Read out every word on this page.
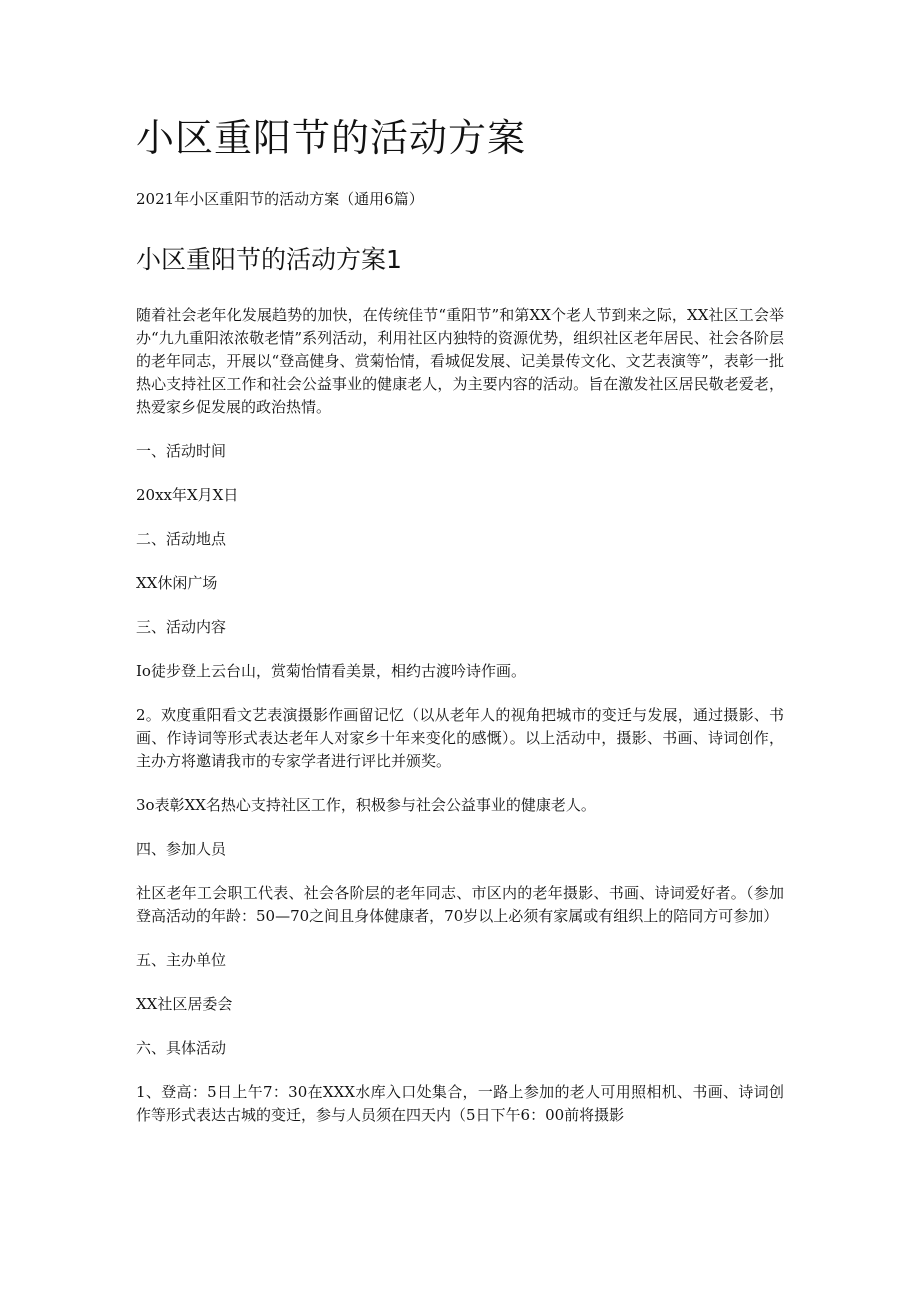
小区重阳节的活动方案

2021年小区重阳节的活动方案（通用6篇）

小区重阳节的活动方案1

随着社会老年化发展趋势的加快，在传统佳节“重阳节”和第XX个老人节到来之际，XX社区工会举办“九九重阳浓浓敬老情”系列活动，利用社区内独特的资源优势，组织社区老年居民、社会各阶层的老年同志，开展以“登高健身、赏菊怡情，看城促发展、记美景传文化、文艺表演等”，表彰一批热心支持社区工作和社会公益事业的健康老人，为主要内容的活动。旨在激发社区居民敬老爱老，热爱家乡促发展的政治热情。

一、活动时间

20xx年X月X日

二、活动地点

XX休闲广场

三、活动内容

Io徒步登上云台山，赏菊怡情看美景，相约古渡吟诗作画。

2。欢度重阳看文艺表演摄影作画留记忆（以从老年人的视角把城市的变迁与发展，通过摄影、书画、作诗词等形式表达老年人对家乡十年来变化的感慨）。以上活动中，摄影、书画、诗词创作，主办方将邀请我市的专家学者进行评比并颁奖。

3o表彰XX名热心支持社区工作，积极参与社会公益事业的健康老人。

四、参加人员

社区老年工会职工代表、社会各阶层的老年同志、市区内的老年摄影、书画、诗词爱好者。（参加登高活动的年龄：50—70之间且身体健康者，70岁以上必须有家属或有组织上的陪同方可参加）

五、主办单位

XX社区居委会

六、具体活动

1、登高：5日上午7：30在XXX水库入口处集合，一路上参加的老人可用照相机、书画、诗词创作等形式表达古城的变迁，参与人员须在四天内（5日下午6：00前将摄影
